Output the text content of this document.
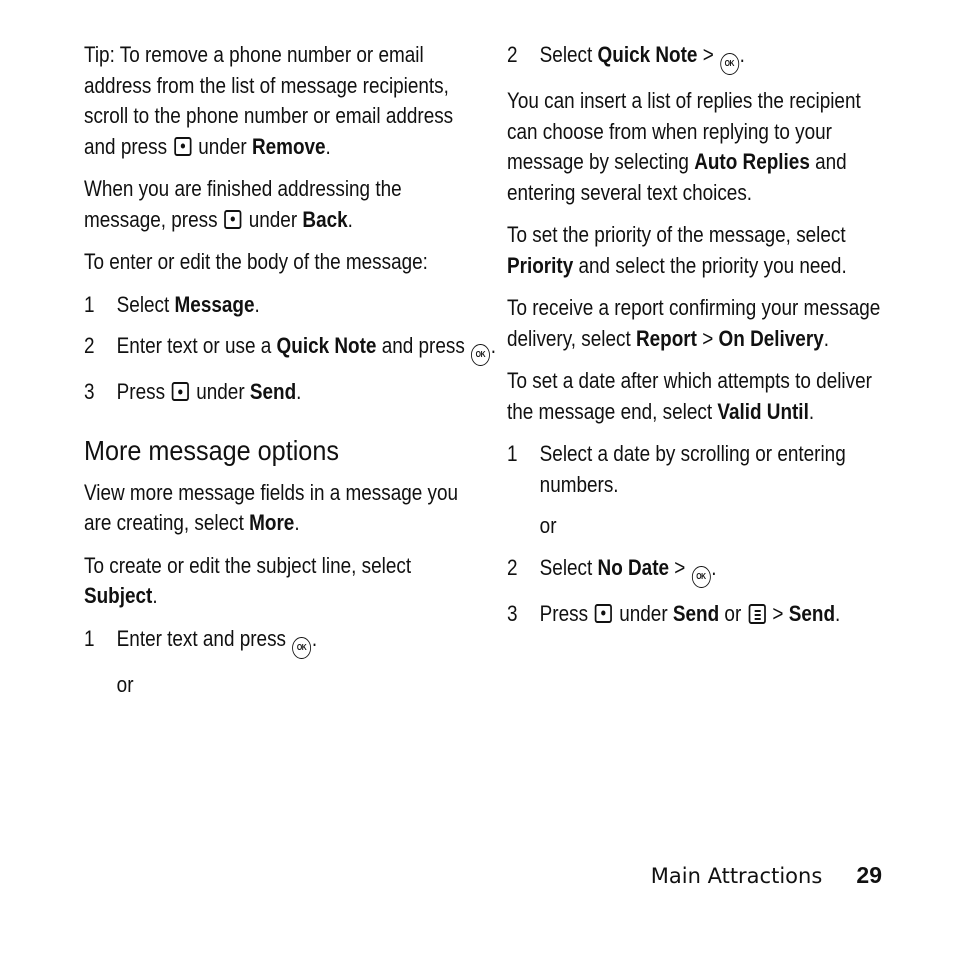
Tip: To remove a phone number or email address from the list of message recipients, scroll to the phone number or email address and press under Remove.

When you are finished addressing the message, press under Back.

To enter or edit the body of the message:

1 Select Message.
2 Enter text or use a Quick Note and press OK .
3 Press under Send.
More message options

View more message fields in a message you are creating, select More.

To create or edit the subject line, select Subject.

1 Enter text and press OK .
or
2 Select Quick Note > OK .

You can insert a list of replies the recipient can choose from when replying to your message by selecting Auto Replies and entering several text choices.

To set the priority of the message, select Priority and select the priority you need.

To receive a report confirming your message delivery, select Report > On Delivery.

To set a date after which attempts to deliver the message end, select Valid Until.

1 Select a date by scrolling or entering numbers.
or
2 Select No Date > OK .
3 Press under Send or > Send.
Main Attractions 29
